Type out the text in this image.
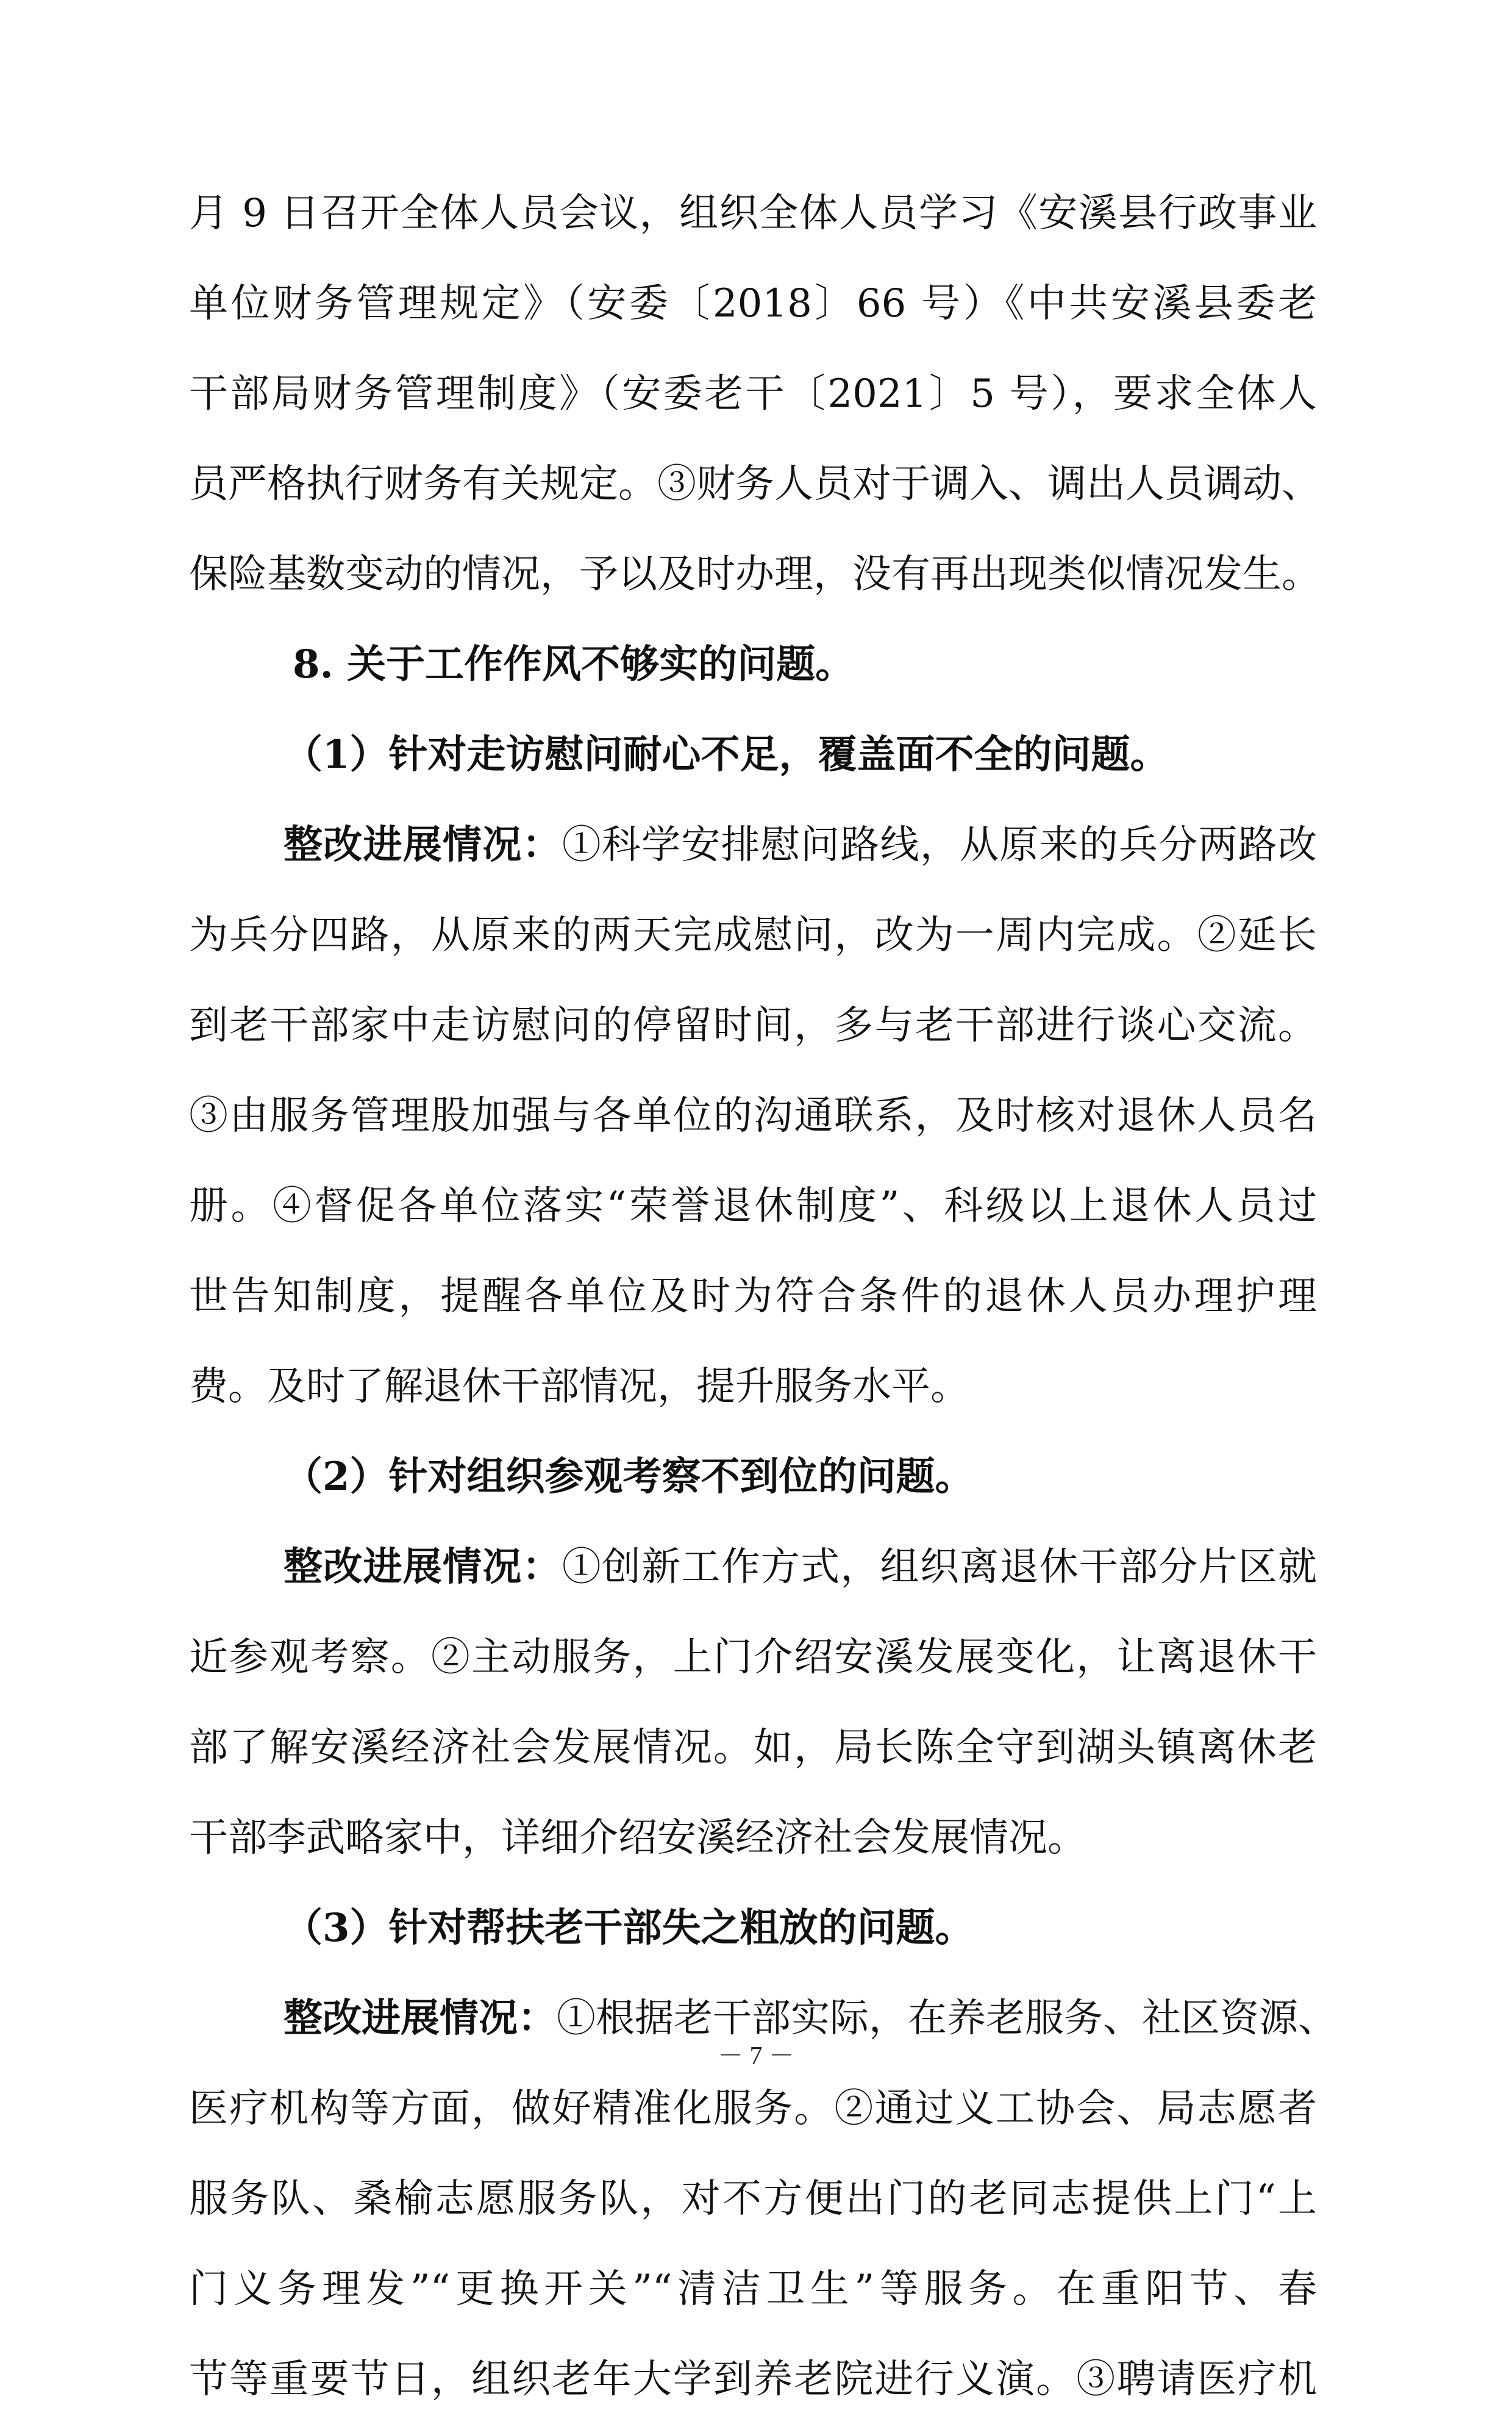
月 9 日召开全体人员会议，组织全体人员学习《安溪县行政事业
单位财务管理规定》（安委〔2018〕66 号）《中共安溪县委老
干部局财务管理制度》（安委老干〔2021〕5 号），要求全体人
员严格执行财务有关规定。③财务人员对于调入、调出人员调动、
保险基数变动的情况，予以及时办理，没有再出现类似情况发生。
8. 关于工作作风不够实的问题。
（1）针对走访慰问耐心不足，覆盖面不全的问题。
整改进展情况：①科学安排慰问路线，从原来的兵分两路改
为兵分四路，从原来的两天完成慰问，改为一周内完成。②延长
到老干部家中走访慰问的停留时间，多与老干部进行谈心交流。
③由服务管理股加强与各单位的沟通联系，及时核对退休人员名
册。④督促各单位落实“荣誉退休制度”、科级以上退休人员过
世告知制度，提醒各单位及时为符合条件的退休人员办理护理
费。及时了解退休干部情况，提升服务水平。
（2）针对组织参观考察不到位的问题。
整改进展情况：①创新工作方式，组织离退休干部分片区就
近参观考察。②主动服务，上门介绍安溪发展变化，让离退休干
部了解安溪经济社会发展情况。如，局长陈全守到湖头镇离休老
干部李武略家中，详细介绍安溪经济社会发展情况。
（3）针对帮扶老干部失之粗放的问题。
整改进展情况：①根据老干部实际，在养老服务、社区资源、
医疗机构等方面，做好精准化服务。②通过义工协会、局志愿者
服务队、桑榆志愿服务队，对不方便出门的老同志提供上门“上
门义务理发”“更换开关”“清洁卫生”等服务。在重阳节、春
节等重要节日，组织老年大学到养老院进行义演。③聘请医疗机
－ 7 －
